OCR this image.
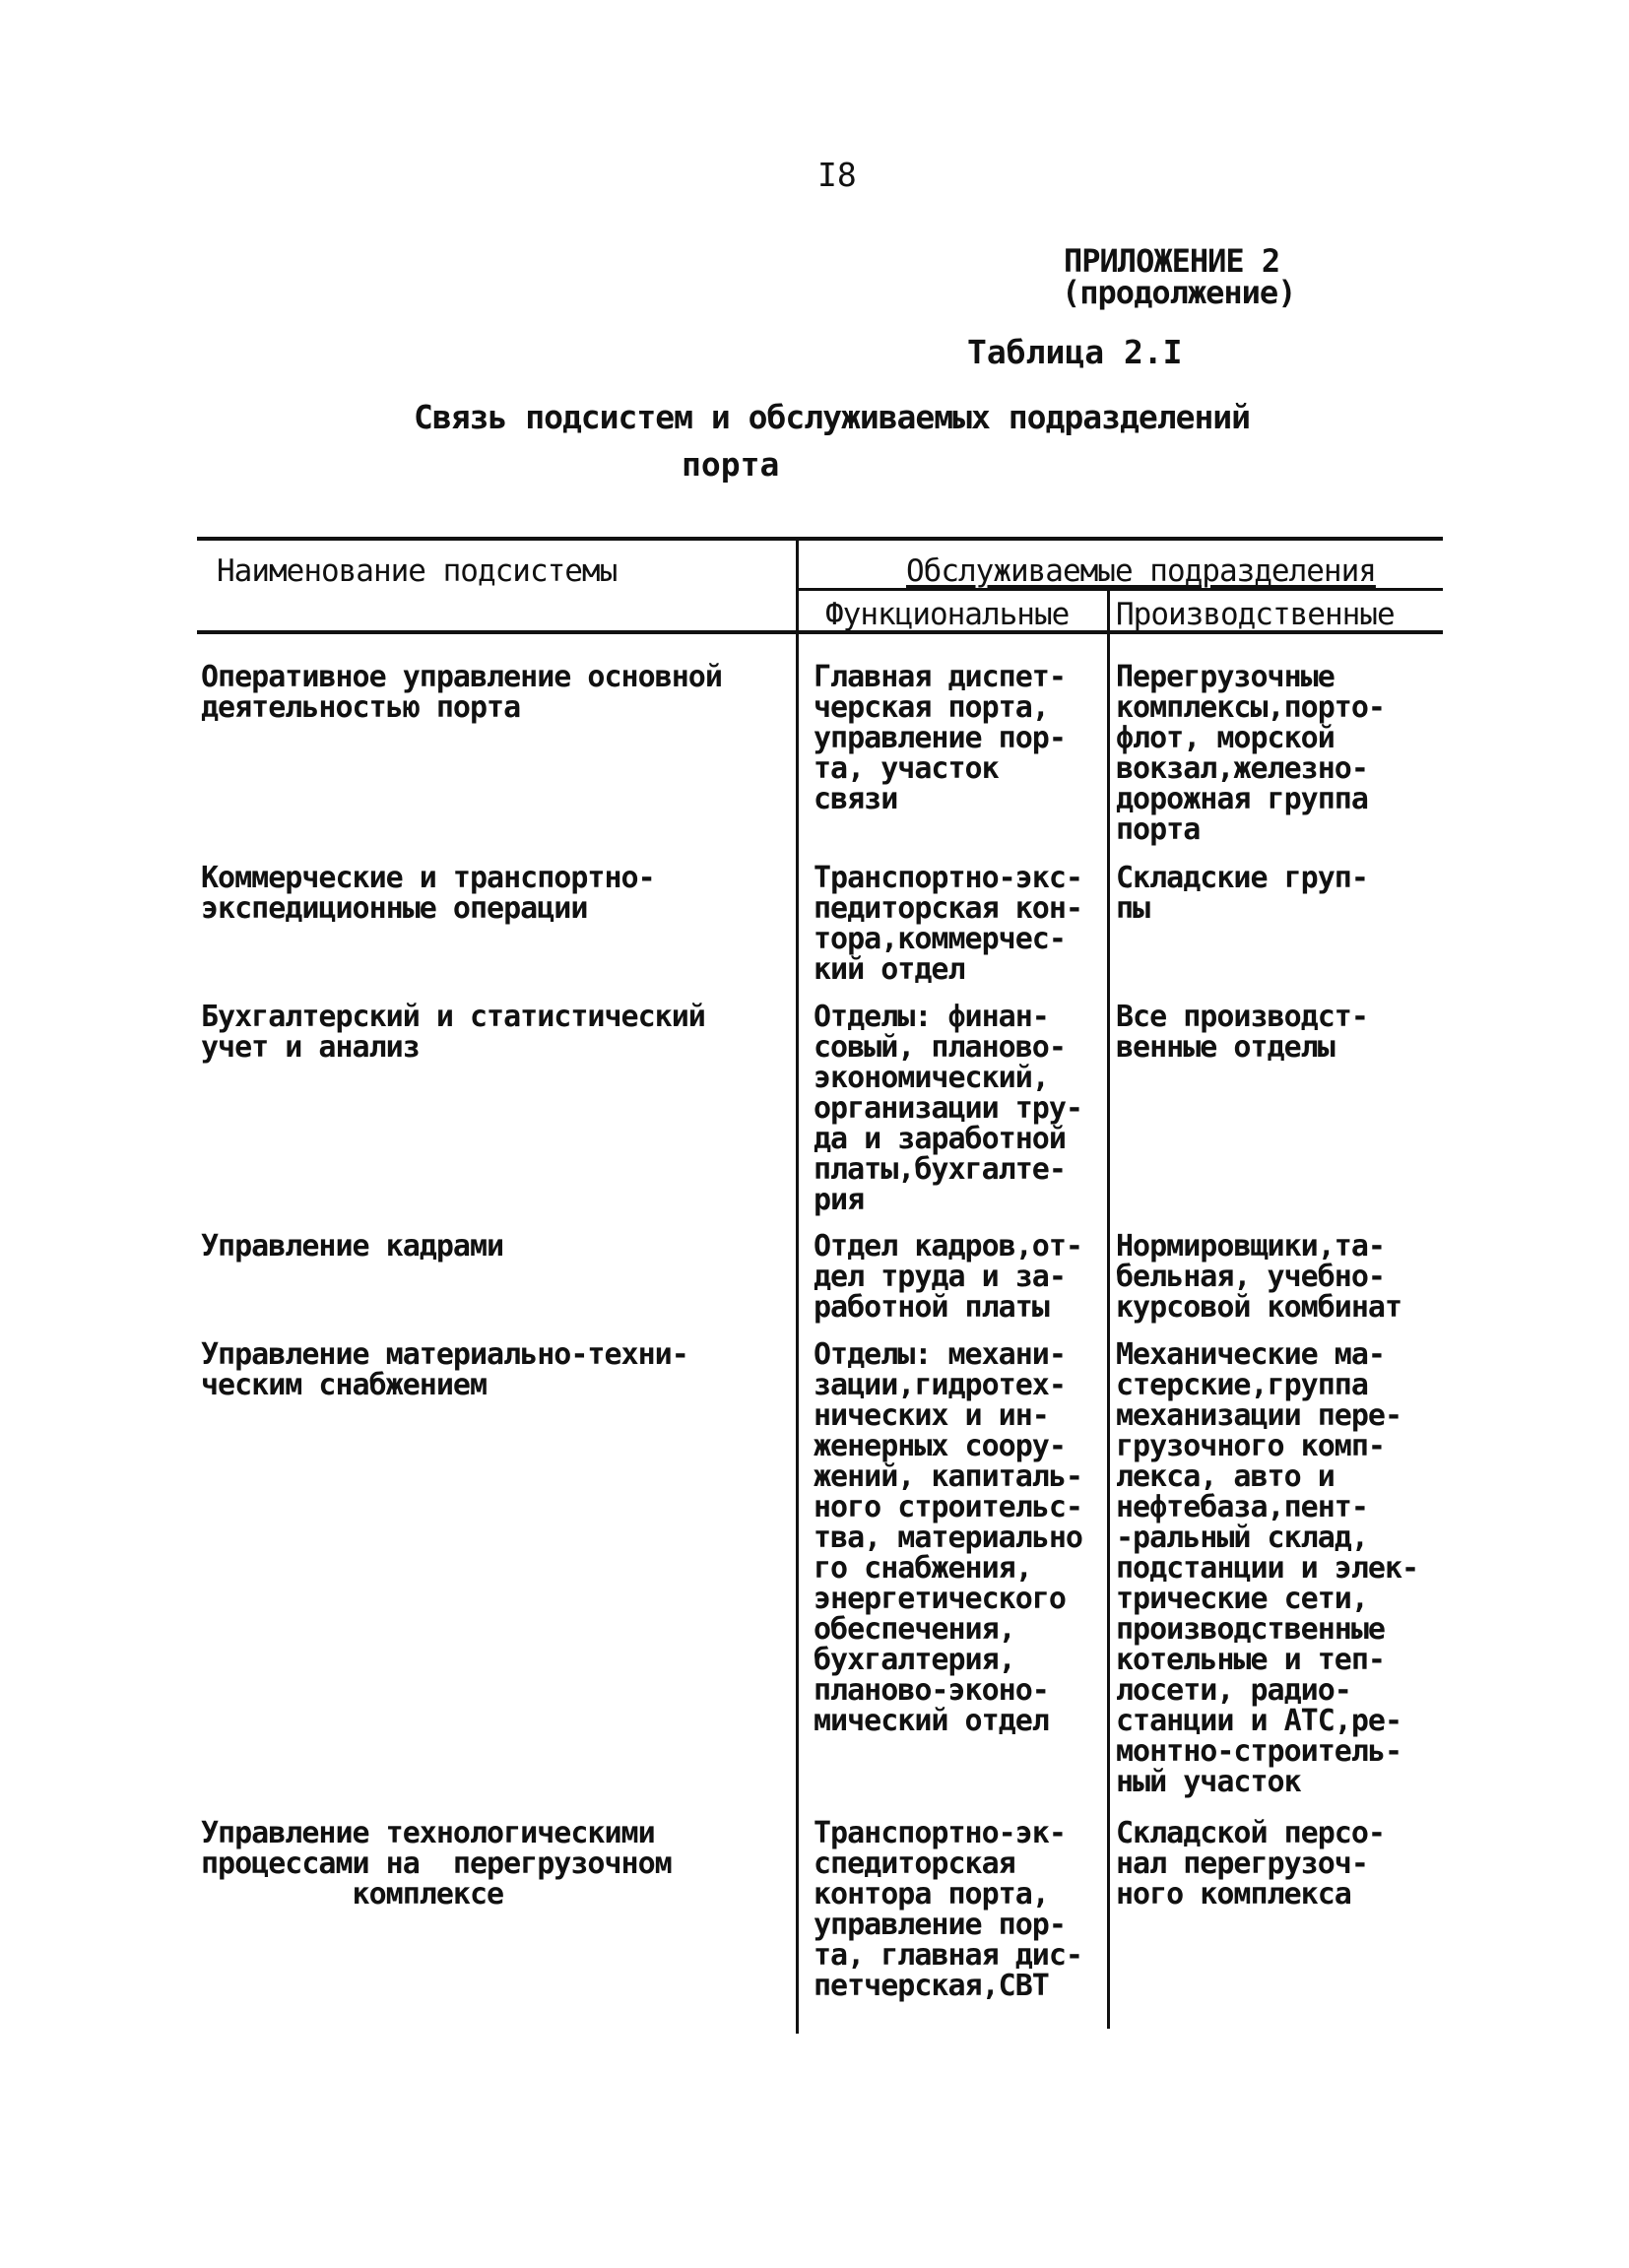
I8
ПРИЛОЖЕНИЕ 2
(продолжение)
Таблица 2.I
Связь подсистем и обслуживаемых подразделений
порта
Наименование подсистемы	Обслуживаемые подразделения
Функциональные Производственные
Оперативное управление основной
деятельностью порта
Главная диспет-
черская порта,
управление пор-
та, участок
связи
Перегрузочные
комплексы,порто-
флот, морской
вокзал,железно-
дорожная группа
порта
Коммерческие и транспортно-
экспедиционные операции
Транспортно-экс-
педиторская кон-
тора,коммерчес-
кий отдел
Складские груп-
пы
Бухгалтерский и статистический
учет и анализ
Отделы: финан-
совый, планово-
экономический,
организации тру-
да и заработной
платы,бухгалте-
рия
Все производст-
венные отделы
Управление кадрами	Отдел кадров,от-
дел труда и за-
работной платы
Нормировщики,та-
бельная, учебно-
курсовой комбинат
Управление материально-техни-
ческим снабжением
Отделы: механи-
зации,гидротех-
нических и ин-
женерных соору-
жений, капиталь-
ного строительс-
тва, материально
го снабжения,
энергетического
обеспечения,
бухгалтерия,
планово-эконо-
мический отдел
Механические ма-
стерские,группа
механизации пере-
грузочного комп-
лекса, авто и
нефтебаза,пент-
-ральный склад,
подстанции и элек-
трические сети,
производственные
котельные и теп-
лосети, радио-
станции и АТС,ре-
монтно-строитель-
ный участок
Управление технологическими
процессами на  перегрузочном
комплексе
Транспортно-эк-
спедиторская
контора порта,
управление пор-
та, главная дис-
петчерская,СВТ
Складской персо-
нал перегрузоч-
ного комплекса
